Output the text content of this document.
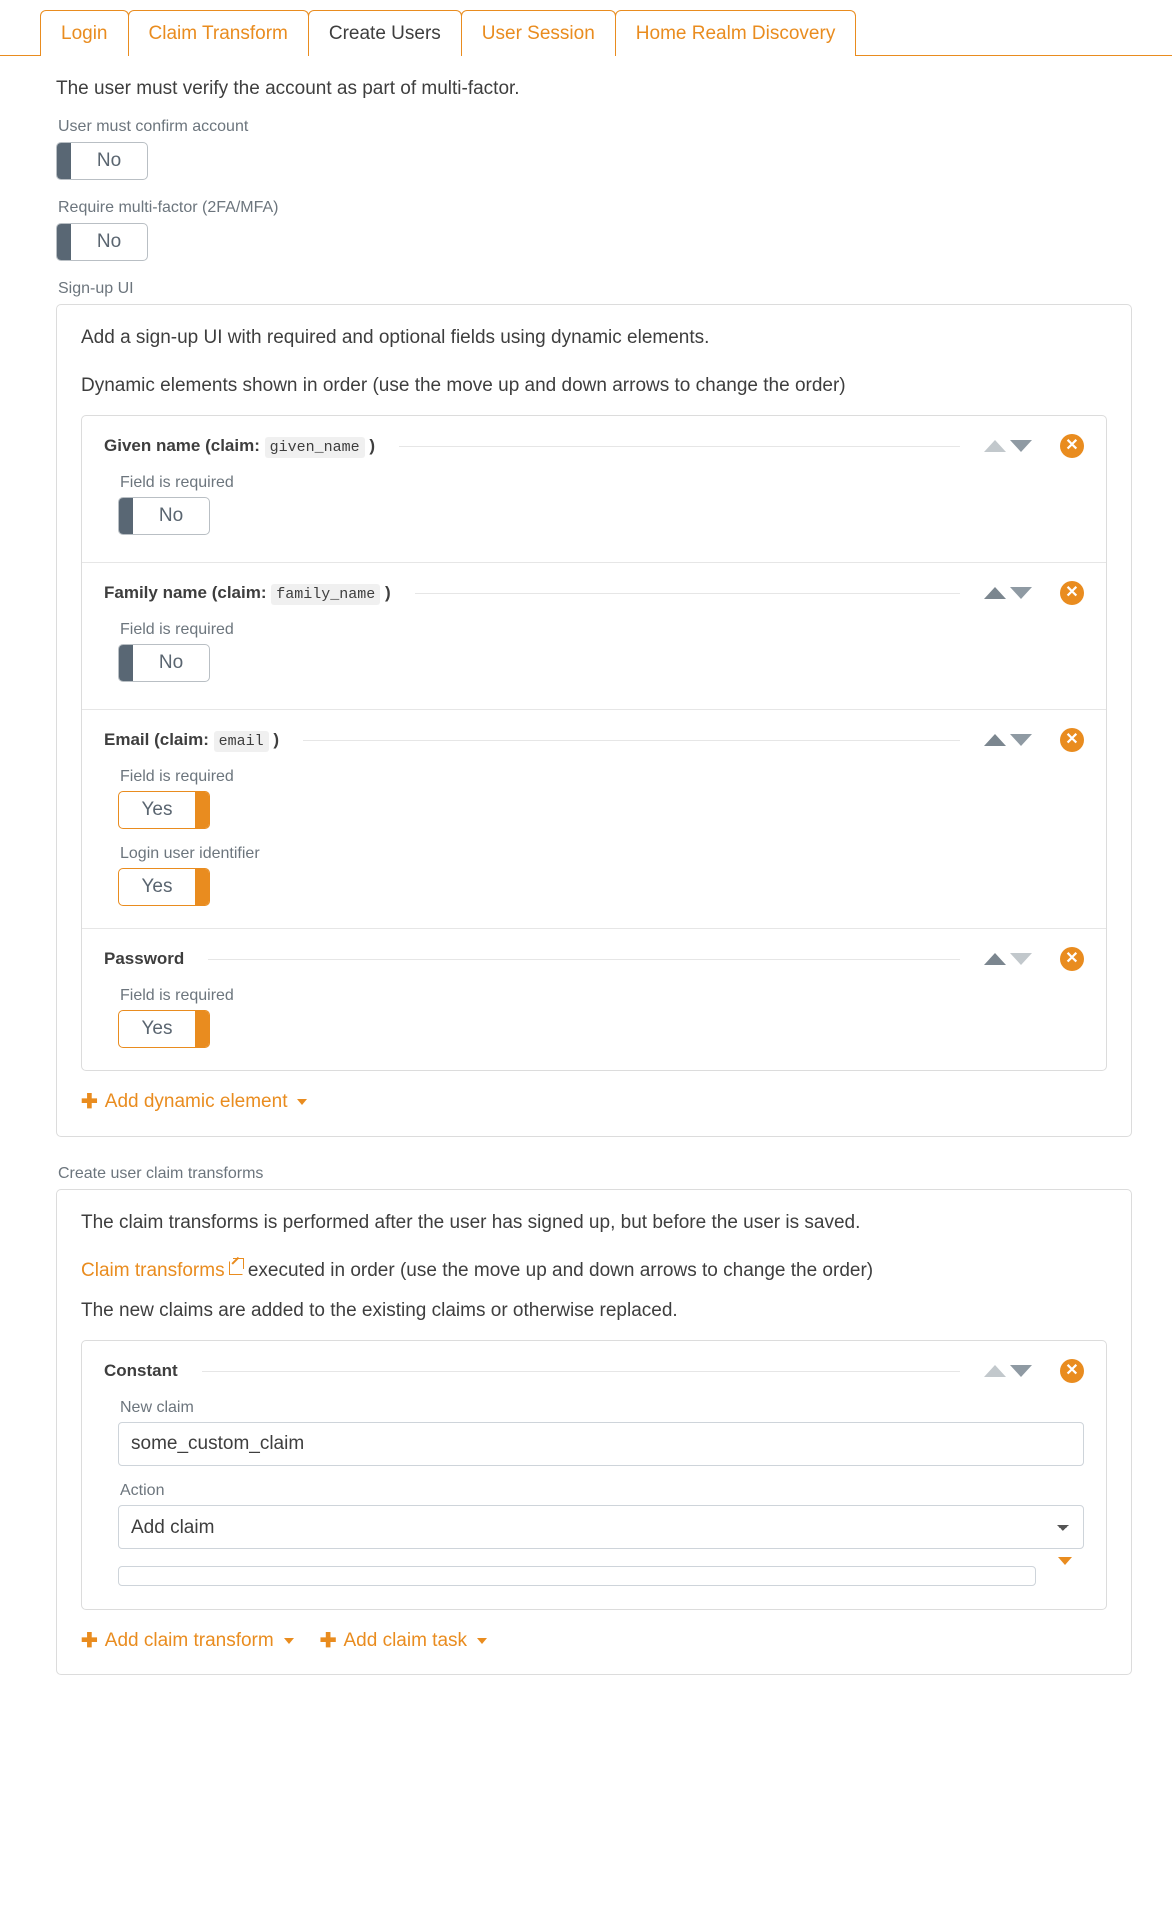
Login	Claim Transform	Create Users	User Session	Home Realm Discovery

The user must verify the account as part of multi-factor.

User must confirm account
No
Require multi-factor (2FA/MFA)
No
Sign-up UI

Add a sign-up UI with required and optional fields using dynamic elements.

Dynamic elements shown in order (use the move up and down arrows to change the order)

Given name (claim: given_name )	✕
Field is required
No
Family name (claim: family_name )	✕
Field is required
No
Email (claim: email )	✕
Field is required
Yes
Login user identifier
Yes
Password	✕
Field is required
Yes
✚ Add dynamic element
Create user claim transforms

The claim transforms is performed after the user has signed up, but before the user is saved.

Claim transforms executed in order (use the move up and down arrows to change the order)

The new claims are added to the existing claims or otherwise replaced.

Constant	✕
New claim
some_custom_claim
Action
Add claim
✚ Add claim transform ✚ Add claim task
